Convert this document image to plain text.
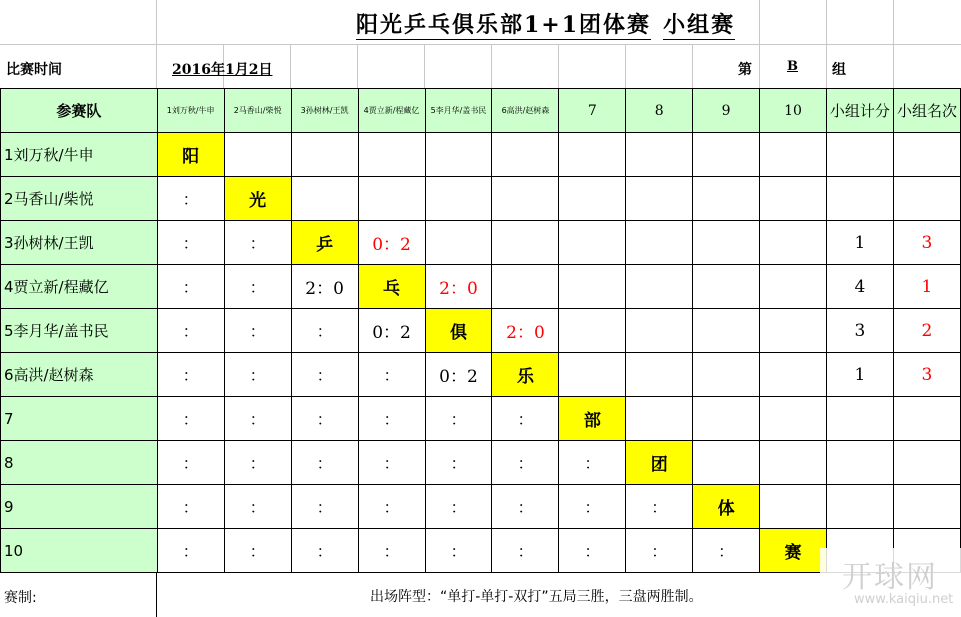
阳光乒乓俱乐部1+1团体赛 小组赛
比赛时间	2016年1月2日	第	B 组
参赛队	1刘万秋/牛申	2马香山/柴悦	3孙树林/王凯	4贾立新/程藏亿	5李月华/盖书民	6高洪/赵树森	7	8	9	10	小组计分	小组名次
1刘万秋/牛申	阳											
2马香山/柴悦	：	光										
3孙树林/王凯	：	：	乒	0：2							1	3
4贾立新/程藏亿	：	：	2：0	乓	2：0						4	1
5李月华/盖书民	：	：	：	0：2	俱	2：0					3	2
6高洪/赵树森	：	：	：	：	0：2	乐					1	3
7	：	：	：	：	：	：	部					
8	：	：	：	：	：	：	：	团				
9	：	：	：	：	：	：	：	：	体			
10	：	：	：	：	：	：	：	：	：	赛		
赛制:	出场阵型：“单打-单打-双打”五局三胜，三盘两胜制。
开球网
www.kaiqiu.net
